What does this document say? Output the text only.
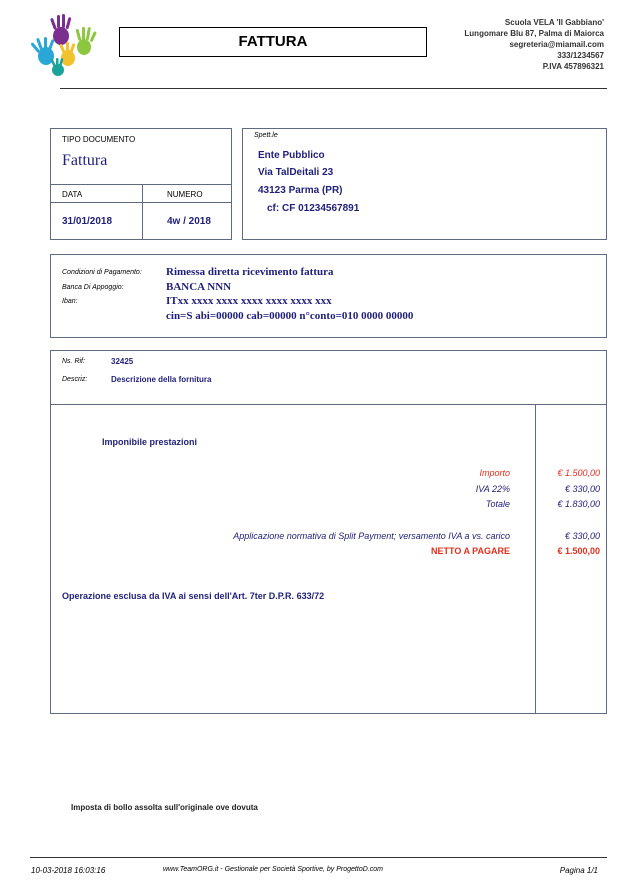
FATTURA
Scuola VELA 'Il Gabbiano'
Lungomare Blu 87, Palma di Maiorca
segreteria@miamail.com
333/1234567
P.IVA 457896321
TIPO DOCUMENTO
Fattura
DATA	NUMERO
31/01/2018	4w / 2018
Spett.le
Ente Pubblico
Via TalDeitali 23
43123 Parma (PR)
cf: CF 01234567891
Condizioni di Pagamento: Rimessa diretta ricevimento fattura
Banca Di Appoggio:	BANCA NNN
Iban:	ITxx xxxx xxxx xxxx xxxx xxxx xxx
cin=S abi=00000 cab=00000 n°conto=010 0000 00000
Ns. Rif:	32425
Descriz:	Descrizione della fornitura
Imponibile prestazioni
Importo	€ 1.500,00
IVA 22%	€ 330,00
Totale	€ 1.830,00
Applicazione normativa di Split Payment; versamento IVA a vs. carico	€ 330,00
NETTO A PAGARE	€ 1.500,00
Operazione esclusa da IVA ai sensi dell'Art. 7ter D.P.R. 633/72
Imposta di bollo assolta sull'originale ove dovuta
10-03-2018 16:03:16	www.TeamORG.it - Gestionale per Società Sportive, by ProgettoD.com	Pagina 1/1
